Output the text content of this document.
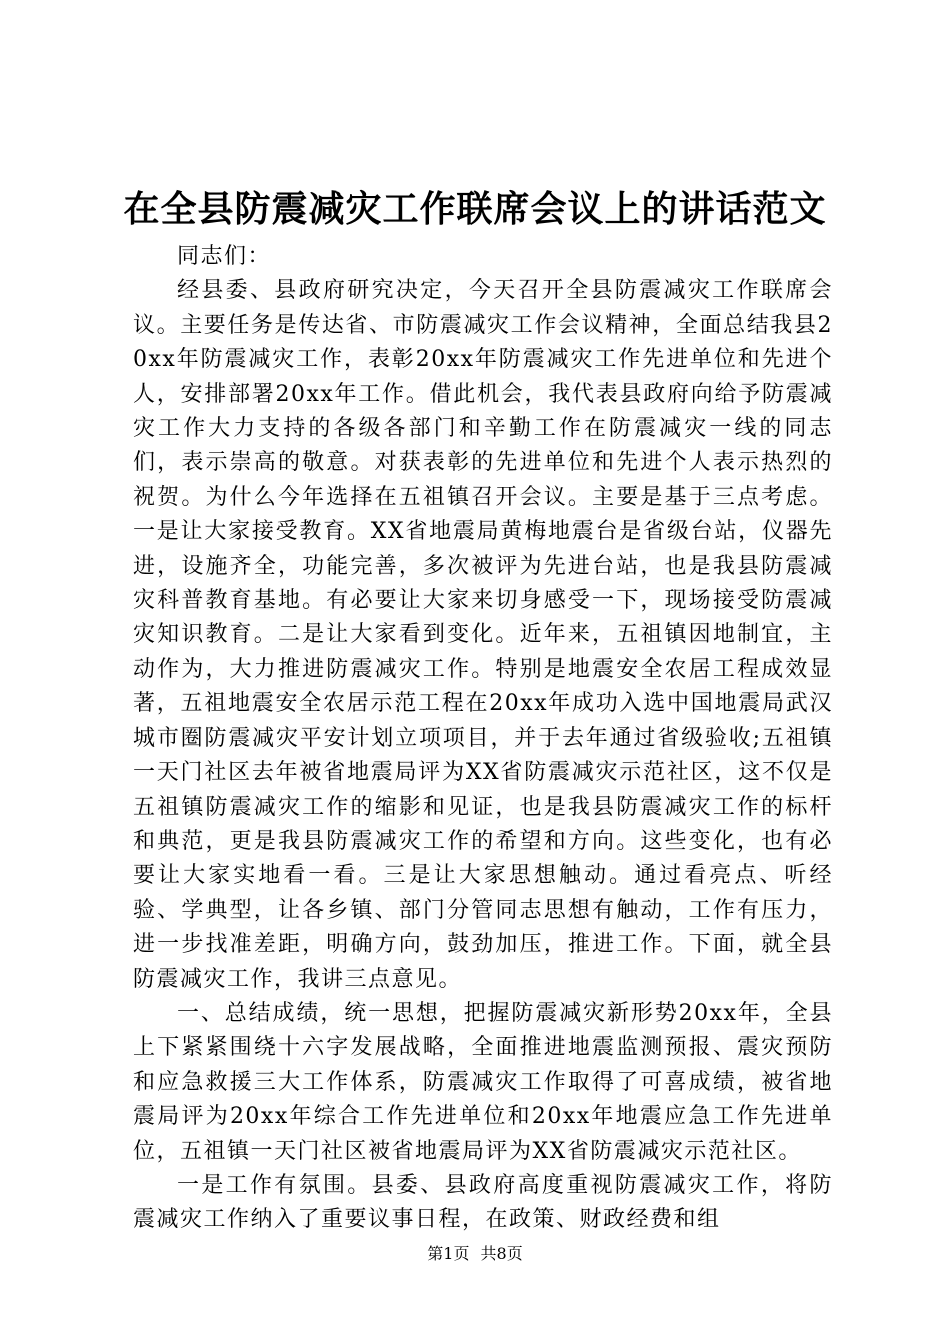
在全县防震减灾工作联席会议上的讲话范文

同志们：

经县委、县政府研究决定，今天召开全县防震减灾工作联席会议。主要任务是传达省、市防震减灾工作会议精神，全面总结我县20xx年防震减灾工作，表彰20xx年防震减灾工作先进单位和先进个人，安排部署20xx年工作。借此机会，我代表县政府向给予防震减灾工作大力支持的各级各部门和辛勤工作在防震减灾一线的同志们，表示崇高的敬意。对获表彰的先进单位和先进个人表示热烈的祝贺。为什么今年选择在五祖镇召开会议。主要是基于三点考虑。一是让大家接受教育。XX省地震局黄梅地震台是省级台站，仪器先进，设施齐全，功能完善，多次被评为先进台站，也是我县防震减灾科普教育基地。有必要让大家来切身感受一下，现场接受防震减灾知识教育。二是让大家看到变化。近年来，五祖镇因地制宜，主动作为，大力推进防震减灾工作。特别是地震安全农居工程成效显著，五祖地震安全农居示范工程在20xx年成功入选中国地震局武汉城市圈防震减灾平安计划立项项目，并于去年通过省级验收;五祖镇一天门社区去年被省地震局评为XX省防震减灾示范社区，这不仅是五祖镇防震减灾工作的缩影和见证，也是我县防震减灾工作的标杆和典范，更是我县防震减灾工作的希望和方向。这些变化，也有必要让大家实地看一看。三是让大家思想触动。通过看亮点、听经验、学典型，让各乡镇、部门分管同志思想有触动，工作有压力，进一步找准差距，明确方向，鼓劲加压，推进工作。下面，就全县防震减灾工作，我讲三点意见。

一、总结成绩，统一思想，把握防震减灾新形势20xx年，全县上下紧紧围绕十六字发展战略，全面推进地震监测预报、震灾预防和应急救援三大工作体系，防震减灾工作取得了可喜成绩，被省地震局评为20xx年综合工作先进单位和20xx年地震应急工作先进单位，五祖镇一天门社区被省地震局评为XX省防震减灾示范社区。

一是工作有氛围。县委、县政府高度重视防震减灾工作，将防震减灾工作纳入了重要议事日程，在政策、财政经费和组

第1页 共8页
